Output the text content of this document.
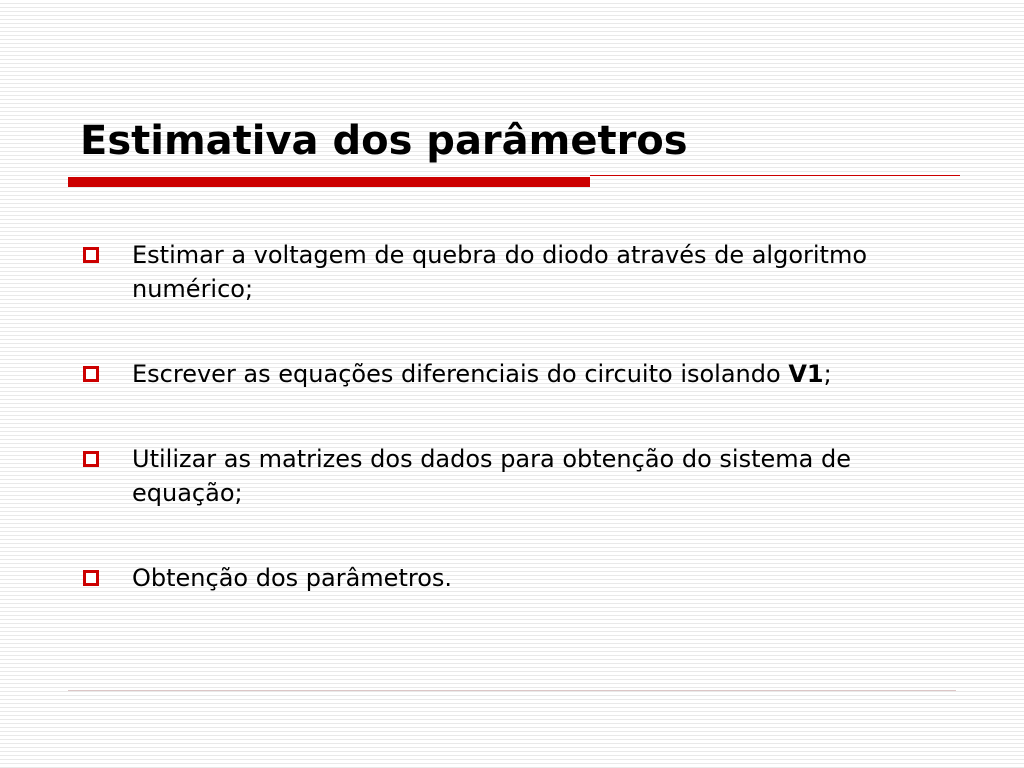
Estimativa dos parâmetros
Estimar a voltagem de quebra do diodo através de algoritmo numérico;
Escrever as equações diferenciais do circuito isolando V1;
Utilizar as matrizes dos dados para obtenção do sistema de equação;
Obtenção dos parâmetros.
